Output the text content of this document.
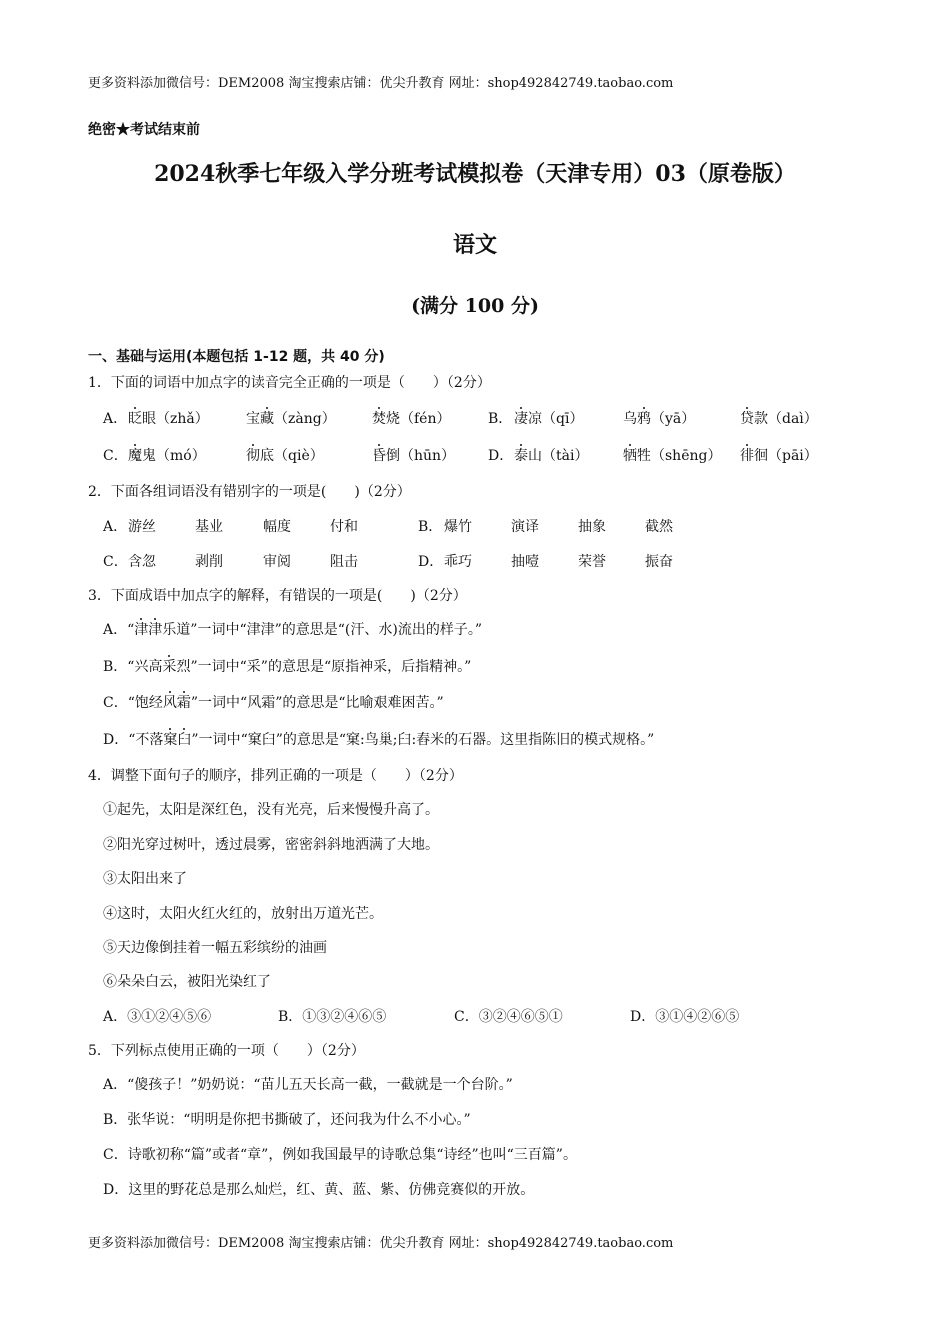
更多资料添加微信号：DEM2008 淘宝搜索店铺：优尖升教育 网址：shop492842749.taobao.com
绝密★考试结束前
2024秋季七年级入学分班考试模拟卷（天津专用）03（原卷版）
语文
(满分 100 分)
一、基础与运用(本题包括 1-12 题，共 40 分)
1．下面的词语中加点字的读音完全正确的一项是（　　）（2分）
A． 眨眼（zhǎ）	宝藏（zàng）	焚烧（fén）	B． 凄凉（qī）	乌鸦（yā）	贷款（daì）
C． 魔鬼（mó）	彻底（qiè）	昏倒（hūn） D． 泰山（tài） 牺牲（shēng） 徘徊（pāi）
2．下面各组词语没有错别字的一项是(　　)（2分）
A． 游丝	基业	幅度	付和	B． 爆竹	演译	抽象	截然
C． 含忽	剥削	审阅	阻击	D． 乖巧	抽噎	荣誉	振奋
3．下面成语中加点字的解释，有错误的一项是(　　)（2分）
A．“津津乐道”一词中“津津”的意思是“(汗、水)流出的样子。”
B．“兴高采烈”一词中“采”的意思是“原指神采，后指精神。”
C．“饱经风霜”一词中“风霜”的意思是“比喻艰难困苦。”
D．“不落窠臼”一词中“窠臼”的意思是“窠:鸟巢;臼:舂米的石器。这里指陈旧的模式规格。”
4．调整下面句子的顺序，排列正确的一项是（　　）（2分）
①起先，太阳是深红色，没有光亮，后来慢慢升高了。
②阳光穿过树叶，透过晨雾，密密斜斜地洒满了大地。
③太阳出来了
④这时，太阳火红火红的，放射出万道光芒。
⑤天边像倒挂着一幅五彩缤纷的油画
⑥朵朵白云，被阳光染红了
A．③①②④⑤⑥	B．①③②④⑥⑤	C．③②④⑥⑤①	D．③①④②⑥⑤
5．下列标点使用正确的一项（　　）（2分）
A．“傻孩子！”奶奶说：“苗儿五天长高一截，一截就是一个台阶。”
B．张华说：“明明是你把书撕破了，还问我为什么不小心。”
C．诗歌初称“篇”或者“章”，例如我国最早的诗歌总集“诗经”也叫“三百篇”。
D．这里的野花总是那么灿烂，红、黄、蓝、紫、仿佛竞赛似的开放。
更多资料添加微信号：DEM2008 淘宝搜索店铺：优尖升教育 网址：shop492842749.taobao.com
